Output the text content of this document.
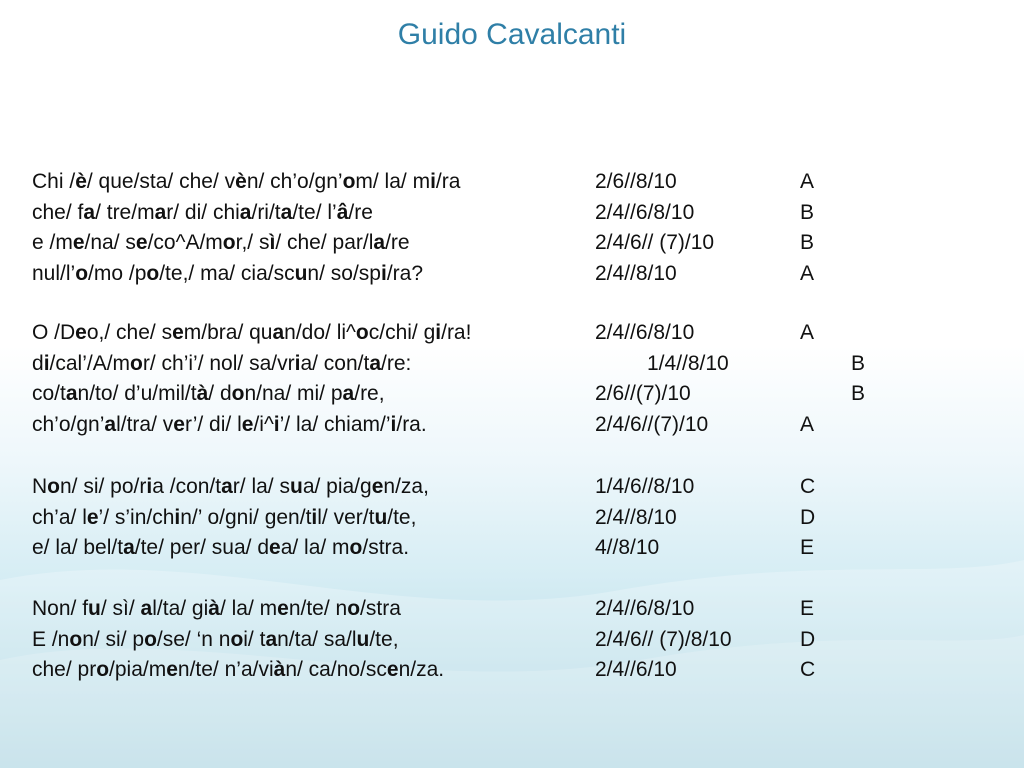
Guido Cavalcanti
Chi /è/ que/sta/ che/ vèn/ ch’o/gn’om/ la/ mi/ra	2/6//8/10	A
che/ fa/ tre/mar/ di/ chia/ri/ta/te/ l’â/re	2/4//6/8/10	B
e /me/na/ se/co^A/mor,/ sì/ che/ par/la/re	2/4/6// (7)/10	B
nul/l’o/mo /po/te,/ ma/ cia/scun/ so/spi/ra?	2/4//8/10	A
O /Deo,/ che/ sem/bra/ quan/do/ li^oc/chi/ gi/ra!	2/4//6/8/10	A
di/cal’/A/mor/ ch’i’/ nol/ sa/vria/ con/ta/re:	1/4//8/10	B
co/tan/to/ d’u/mil/tà/ don/na/ mi/ pa/re,	2/6//(7)/10	B
ch’o/gn’al/tra/ ver’/ di/ le/i^i’/ la/ chiam/’i/ra.	2/4/6//(7)/10	A
Non/ si/ po/ria /con/tar/ la/ sua/ pia/gen/za,	1/4/6//8/10	C
ch’a/ le’/ s’in/chin/’ o/gni/ gen/til/ ver/tu/te,	2/4//8/10	D
e/ la/ bel/ta/te/ per/ sua/ dea/ la/ mo/stra.	4//8/10	E
Non/ fu/ sì/ al/ta/ già/ la/ men/te/ no/stra	2/4//6/8/10	E
E /non/ si/ po/se/ ‘n noi/ tan/ta/ sa/lu/te,	2/4/6// (7)/8/10	D
che/ pro/pia/men/te/ n’a/viàn/ ca/no/scen/za.	2/4//6/10	C
